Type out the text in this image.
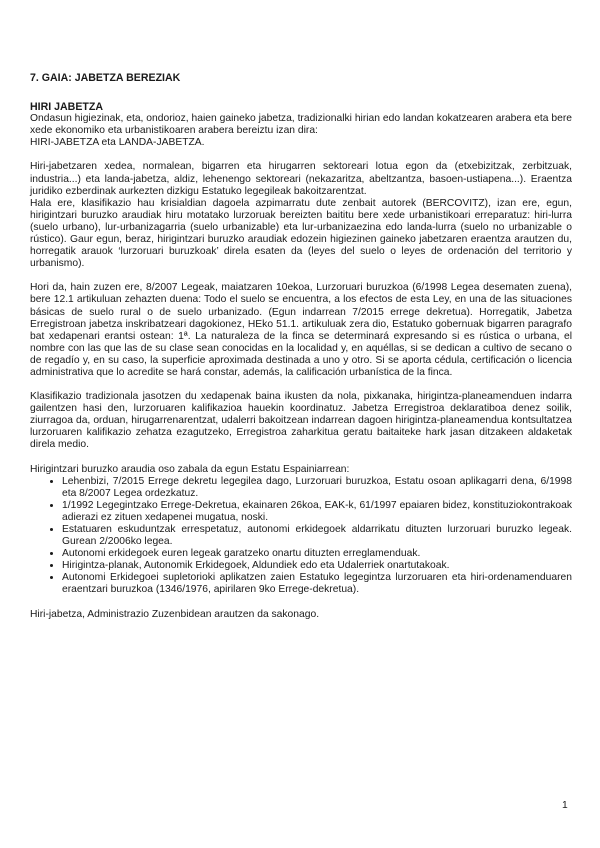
7. GAIA: JABETZA BEREZIAK
HIRI JABETZA

Ondasun higiezinak, eta, ondorioz, haien gaineko jabetza, tradizionalki hirian edo landan kokatzearen arabera eta bere xede ekonomiko eta urbanistikoaren arabera bereiztu izan dira:

HIRI-JABETZA eta LANDA-JABETZA.

Hiri-jabetzaren xedea, normalean, bigarren eta hirugarren sektoreari lotua egon da (etxebizitzak, zerbitzuak, industria...) eta landa-jabetza, aldiz, lehenengo sektoreari (nekazaritza, abeltzantza, basoen-ustiapena...). Eraentza juridiko ezberdinak aurkezten dizkigu Estatuko legegileak bakoitzarentzat.

Hala ere, klasifikazio hau krisialdian dagoela azpimarratu dute zenbait autorek (BERCOVITZ), izan ere, egun, hirigintzari buruzko araudiak hiru motatako lurzoruak bereizten baititu bere xede urbanistikoari erreparatuz: hiri-lurra (suelo urbano), lur-urbanizagarria (suelo urbanizable) eta lur-urbanizaezina edo landa-lurra (suelo no urbanizable o rústico). Gaur egun, beraz, hirigintzari buruzko araudiak edozein higiezinen gaineko jabetzaren eraentza arautzen du, horregatik arauok ‘lurzoruari buruzkoak’ direla esaten da (leyes del suelo o leyes de ordenación del territorio y urbanismo).

Hori da, hain zuzen ere, 8/2007 Legeak, maiatzaren 10ekoa, Lurzoruari buruzkoa (6/1998 Legea desematen zuena), bere 12.1 artikuluan zehazten duena: Todo el suelo se encuentra, a los efectos de esta Ley, en una de las situaciones básicas de suelo rural o de suelo urbanizado. (Egun indarrean 7/2015 errege dekretua). Horregatik, Jabetza Erregistroan jabetza inskribatzeari dagokionez, HEko 51.1. artikuluak zera dio, Estatuko gobernuak bigarren paragrafo bat xedapenari erantsi ostean: 1ª. La naturaleza de la finca se determinará expresando si es rústica o urbana, el nombre con las que las de su clase sean conocidas en la localidad y, en aquéllas, si se dedican a cultivo de secano o de regadío y, en su caso, la superficie aproximada destinada a uno y otro. Si se aporta cédula, certificación o licencia administrativa que lo acredite se hará constar, además, la calificación urbanística de la finca.

Klasifikazio tradizionala jasotzen du xedapenak baina ikusten da nola, pixkanaka, hirigintza-planeamenduen indarra gailentzen hasi den, lurzoruaren kalifikazioa hauekin koordinatuz. Jabetza Erregistroa deklaratiboa denez soilik, ziurragoa da, orduan, hirugarrenarentzat, udalerri bakoitzean indarrean dagoen hirigintza-planeamendua kontsultatzea lurzoruaren kalifikazio zehatza ezagutzeko, Erregistroa zaharkitua geratu baitaiteke hark jasan ditzakeen aldaketak direla medio.

Hirigintzari buruzko araudia oso zabala da egun Estatu Espainiarrean:

• Lehenbizi, 7/2015 Errege dekretu legegilea dago, Lurzoruari buruzkoa, Estatu osoan aplikagarri dena, 6/1998 eta 8/2007 Legea ordezkatuz.
• 1/1992 Legegintzako Errege-Dekretua, ekainaren 26koa, EAK-k, 61/1997 epaiaren bidez, konstituziokontrakoak adierazi ez zituen xedapenei mugatua, noski.
• Estatuaren eskuduntzak errespetatuz, autonomi erkidegoek aldarrikatu dituzten lurzoruari buruzko legeak. Gurean 2/2006ko legea.
• Autonomi erkidegoek euren legeak garatzeko onartu dituzten erreglamenduak.
• Hirigintza-planak, Autonomik Erkidegoek, Aldundiek edo eta Udalerriek onartutakoak.
• Autonomi Erkidegoei supletorioki aplikatzen zaien Estatuko legegintza lurzoruaren eta hiri-ordenamenduaren eraentzari buruzkoa (1346/1976, apirilaren 9ko Errege-dekretua).

Hiri-jabetza, Administrazio Zuzenbidean arautzen da sakonago.

1
